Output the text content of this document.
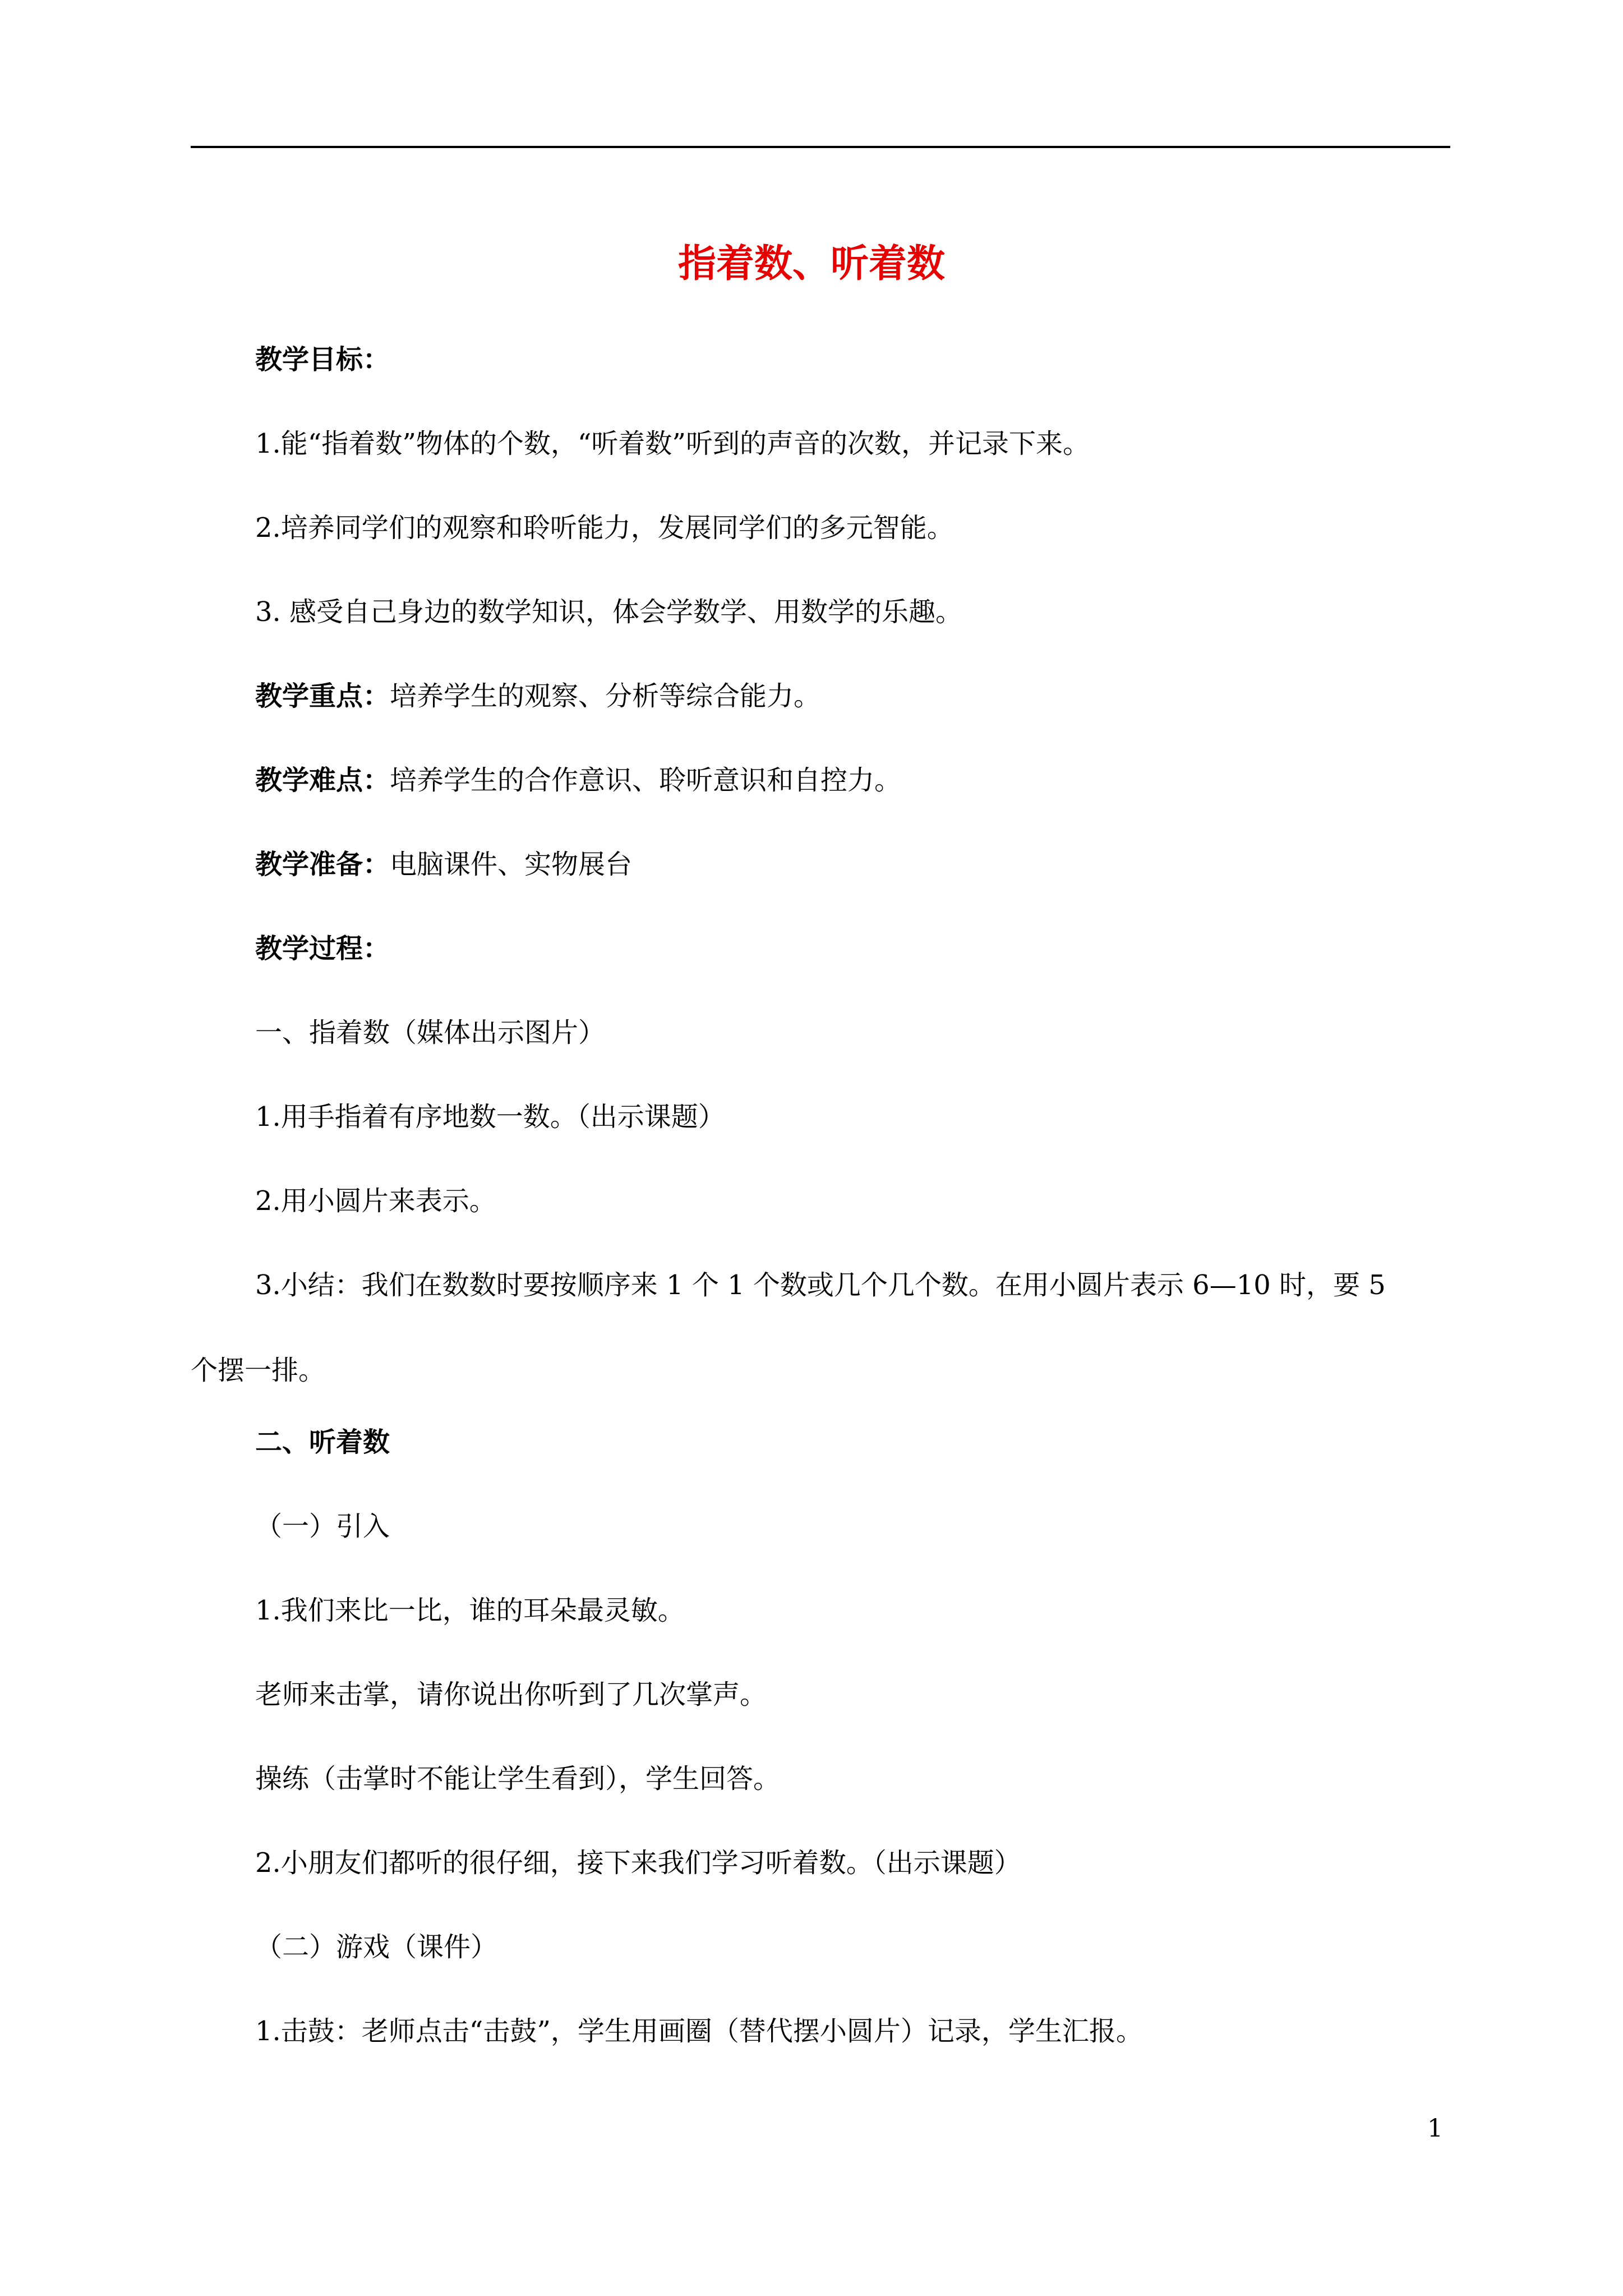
指着数、听着数
教学目标：
1.能“指着数”物体的个数，“听着数”听到的声音的次数，并记录下来。
2.培养同学们的观察和聆听能力，发展同学们的多元智能。
3. 感受自己身边的数学知识，体会学数学、用数学的乐趣。
教学重点：培养学生的观察、分析等综合能力。
教学难点：培养学生的合作意识、聆听意识和自控力。
教学准备：电脑课件、实物展台
教学过程：
一、指着数（媒体出示图片）
1.用手指着有序地数一数。（出示课题）
2.用小圆片来表示。
3.小结：我们在数数时要按顺序来 1 个 1 个数或几个几个数。在用小圆片表示 6—10 时，要 5
个摆一排。
二、听着数
（一）引入
1.我们来比一比，谁的耳朵最灵敏。
老师来击掌，请你说出你听到了几次掌声。
操练（击掌时不能让学生看到），学生回答。
2.小朋友们都听的很仔细，接下来我们学习听着数。（出示课题）
（二）游戏（课件）
1.击鼓：老师点击“击鼓”，学生用画圈（替代摆小圆片）记录，学生汇报。
1
